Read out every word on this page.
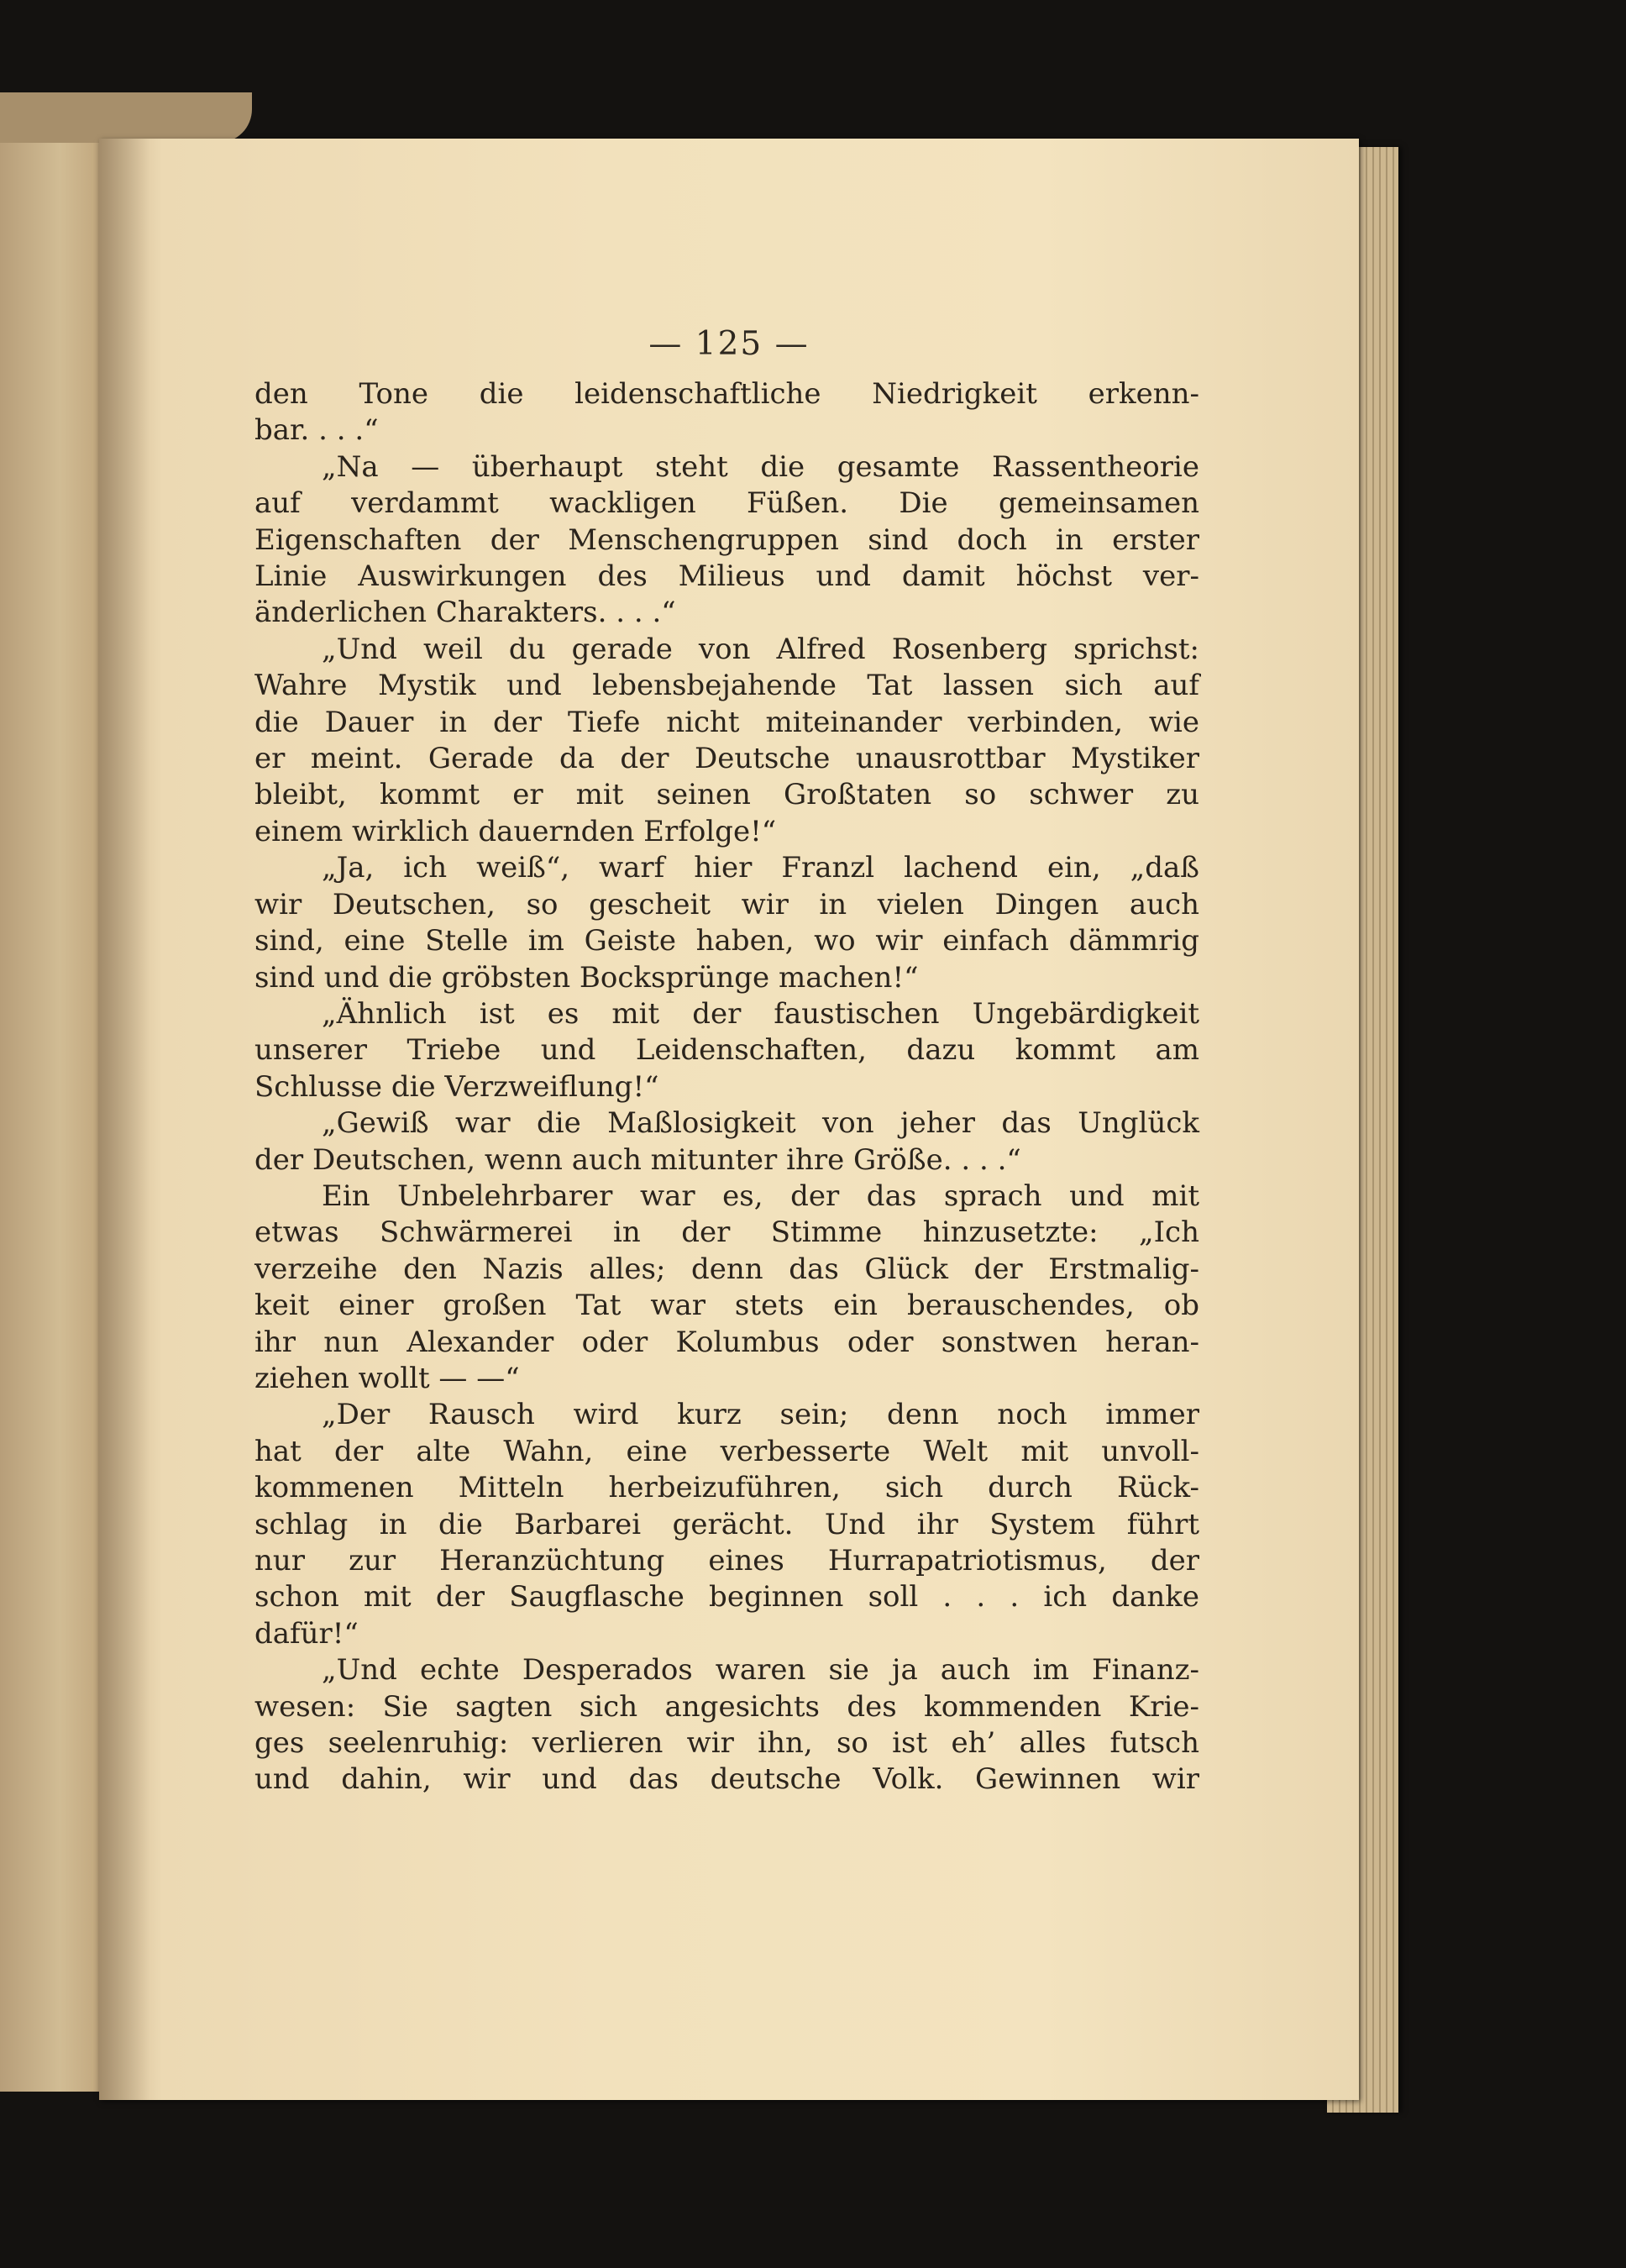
— 125 —
den Tone die leidenschaftliche Niedrigkeit erkenn-
bar. . . .“
„Na — überhaupt steht die gesamte Rassentheorie
auf verdammt wackligen Füßen. Die gemeinsamen
Eigenschaften der Menschengruppen sind doch in erster
Linie Auswirkungen des Milieus und damit höchst ver-
änderlichen Charakters. . . .“
„Und weil du gerade von Alfred Rosenberg sprichst:
Wahre Mystik und lebensbejahende Tat lassen sich auf
die Dauer in der Tiefe nicht miteinander verbinden, wie
er meint. Gerade da der Deutsche unausrottbar Mystiker
bleibt, kommt er mit seinen Großtaten so schwer zu
einem wirklich dauernden Erfolge!“
„Ja, ich weiß“, warf hier Franzl lachend ein, „daß
wir Deutschen, so gescheit wir in vielen Dingen auch
sind, eine Stelle im Geiste haben, wo wir einfach dämmrig
sind und die gröbsten Bocksprünge machen!“
„Ähnlich ist es mit der faustischen Ungebärdigkeit
unserer Triebe und Leidenschaften, dazu kommt am
Schlusse die Verzweiflung!“
„Gewiß war die Maßlosigkeit von jeher das Unglück
der Deutschen, wenn auch mitunter ihre Größe. . . .“
Ein Unbelehrbarer war es, der das sprach und mit
etwas Schwärmerei in der Stimme hinzusetzte: „Ich
verzeihe den Nazis alles; denn das Glück der Erstmalig-
keit einer großen Tat war stets ein berauschendes, ob
ihr nun Alexander oder Kolumbus oder sonstwen heran-
ziehen wollt — —“
„Der Rausch wird kurz sein; denn noch immer
hat der alte Wahn, eine verbesserte Welt mit unvoll-
kommenen Mitteln herbeizuführen, sich durch Rück-
schlag in die Barbarei gerächt. Und ihr System führt
nur zur Heranzüchtung eines Hurrapatriotismus, der
schon mit der Saugflasche beginnen soll . . . ich danke
dafür!“
„Und echte Desperados waren sie ja auch im Finanz-
wesen: Sie sagten sich angesichts des kommenden Krie-
ges seelenruhig: verlieren wir ihn, so ist eh’ alles futsch
und dahin, wir und das deutsche Volk. Gewinnen wir
